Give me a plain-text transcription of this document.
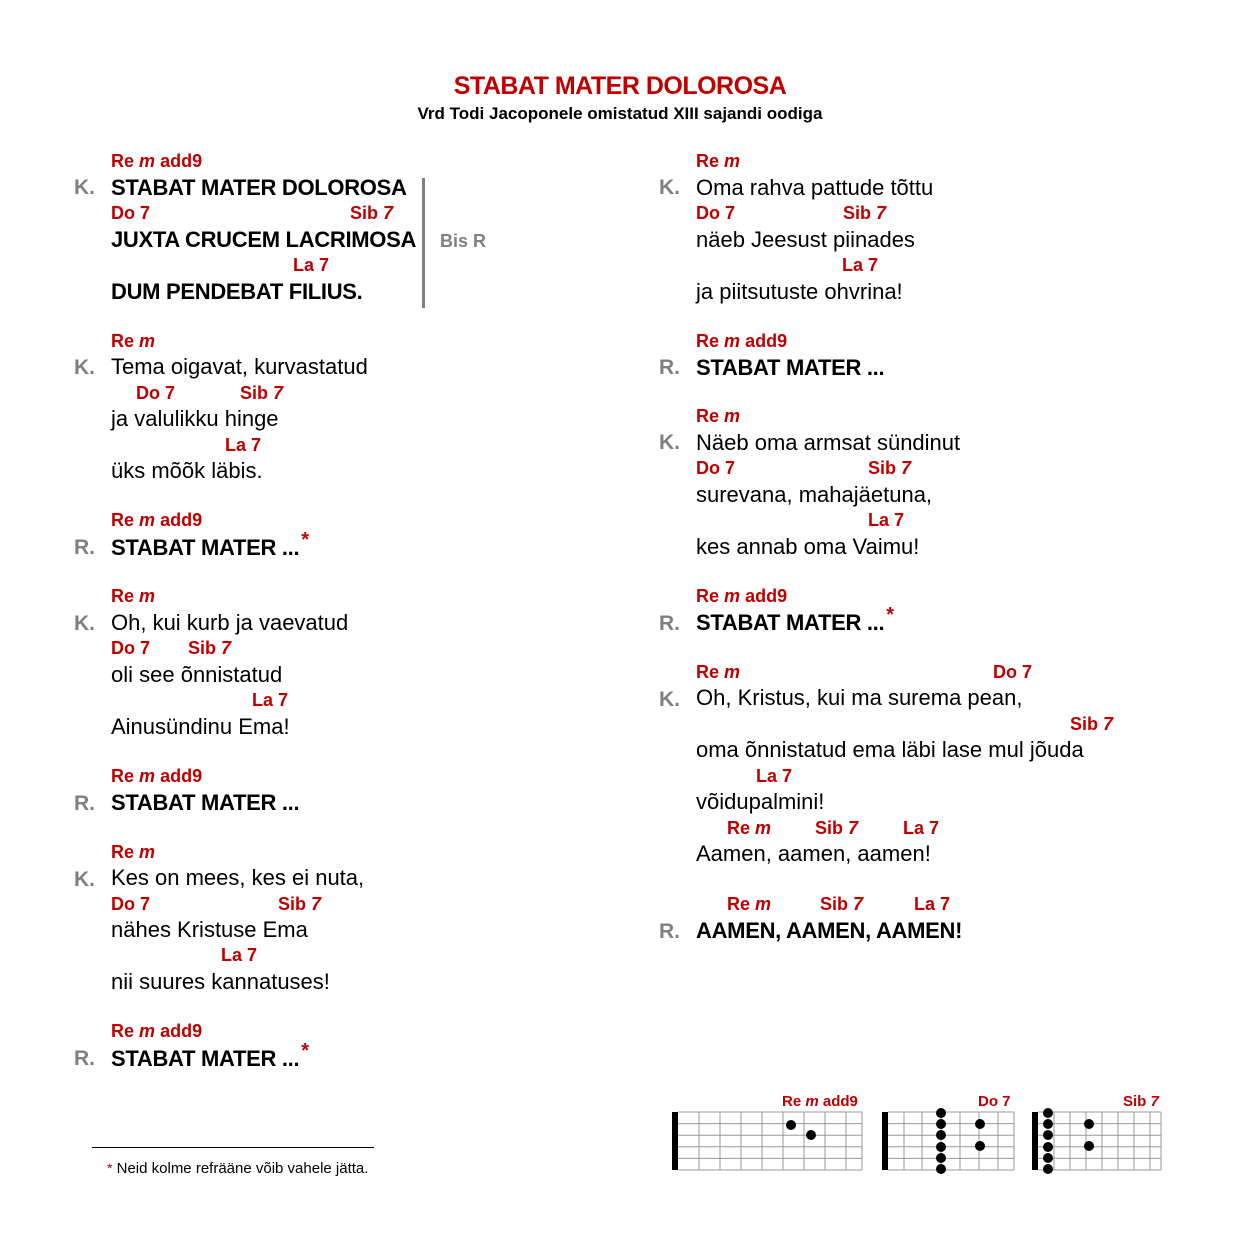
STABAT MATER DOLOROSA
Vrd Todi Jacoponele omistatud XIII sajandi oodiga
Re m add9
K. STABAT MATER DOLOROSA
Do 7	Sib 7
JUXTA CRUCEM LACRIMOSA
La 7
DUM PENDEBAT FILIUS.
Bis R
Re m
K. Tema oigavat, kurvastatud
Do 7	Sib 7
ja valulikku hinge
La 7
üks mõõk läbis.
Re m add9
R. STABAT MATER ... *
Re m
K. Oh, kui kurb ja vaevatud
Do 7 Sib 7
oli see õnnistatud
La 7
Ainusündinu Ema!
Re m add9
R. STABAT MATER ...
Re m
K. Kes on mees, kes ei nuta,
Do 7	Sib 7
nähes Kristuse Ema
La 7
nii suures kannatuses!
Re m add9
R. STABAT MATER ... *
* Neid kolme refrääne võib vahele jätta.
Re m
K. Oma rahva pattude tõttu
Do 7	Sib 7
näeb Jeesust piinades
La 7
ja piitsutuste ohvrina!
Re m add9
R. STABAT MATER ...
Re m
K. Näeb oma armsat sündinut
Do 7	Sib 7
surevana, mahajäetuna,
La 7
kes annab oma Vaimu!
Re m add9
R. STABAT MATER ... *
Re m	Do 7
K. Oh, Kristus, kui ma surema pean,
Sib 7
oma õnnistatud ema läbi lase mul jõuda
La 7
võidupalmini!
Re m Sib 7 La 7
Aamen, aamen, aamen!
Re m	Sib 7	La 7
R. AAMEN, AAMEN, AAMEN!
Re m add9	Do 7	Sib 7
